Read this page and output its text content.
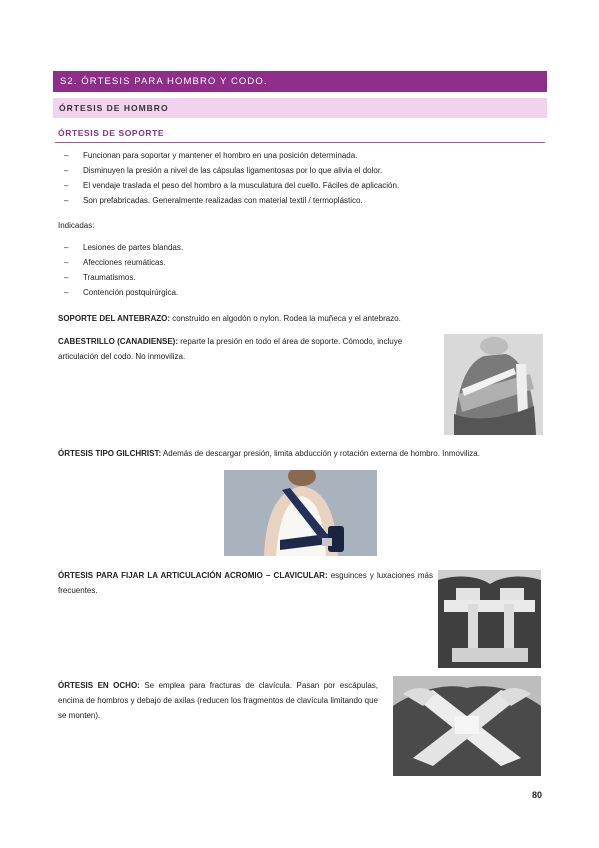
S2. ÓRTESIS PARA HOMBRO Y CODO.
ÓRTESIS DE HOMBRO
ÓRTESIS DE SOPORTE
– Funcionan para soportar y mantener el hombro en una posición determinada.
– Disminuyen la presión a nivel de las cápsulas ligamentosas por lo que alivia el dolor.
– El vendaje traslada el peso del hombro a la musculatura del cuello. Fáciles de aplicación.
– Son prefabricadas. Generalmente realizadas con material textil / termoplástico.
Indicadas:
– Lesiones de partes blandas.
– Afecciones reumáticas.
– Traumatismos.
– Contención postquirúrgica.
SOPORTE DEL ANTEBRAZO: construido en algodón o nylon. Rodea la muñeca y el antebrazo.
CABESTRILLO (CANADIENSE): reparte la presión en todo el área de soporte. Cómodo, incluye articulación del codo. No inmoviliza.
ÓRTESIS TIPO GILCHRIST: Además de descargar presión, limita abducción y rotación externa de hombro. Inmoviliza.
ÓRTESIS PARA FIJAR LA ARTICULACIÓN ACROMIO – CLAVICULAR: esguinces y luxaciones más frecuentes.
ÓRTESIS EN OCHO: Se emplea para fracturas de clavícula. Pasan por escápulas, encima de hombros y debajo de axilas (reducen los fragmentos de clavícula limitando que se monten).
80
